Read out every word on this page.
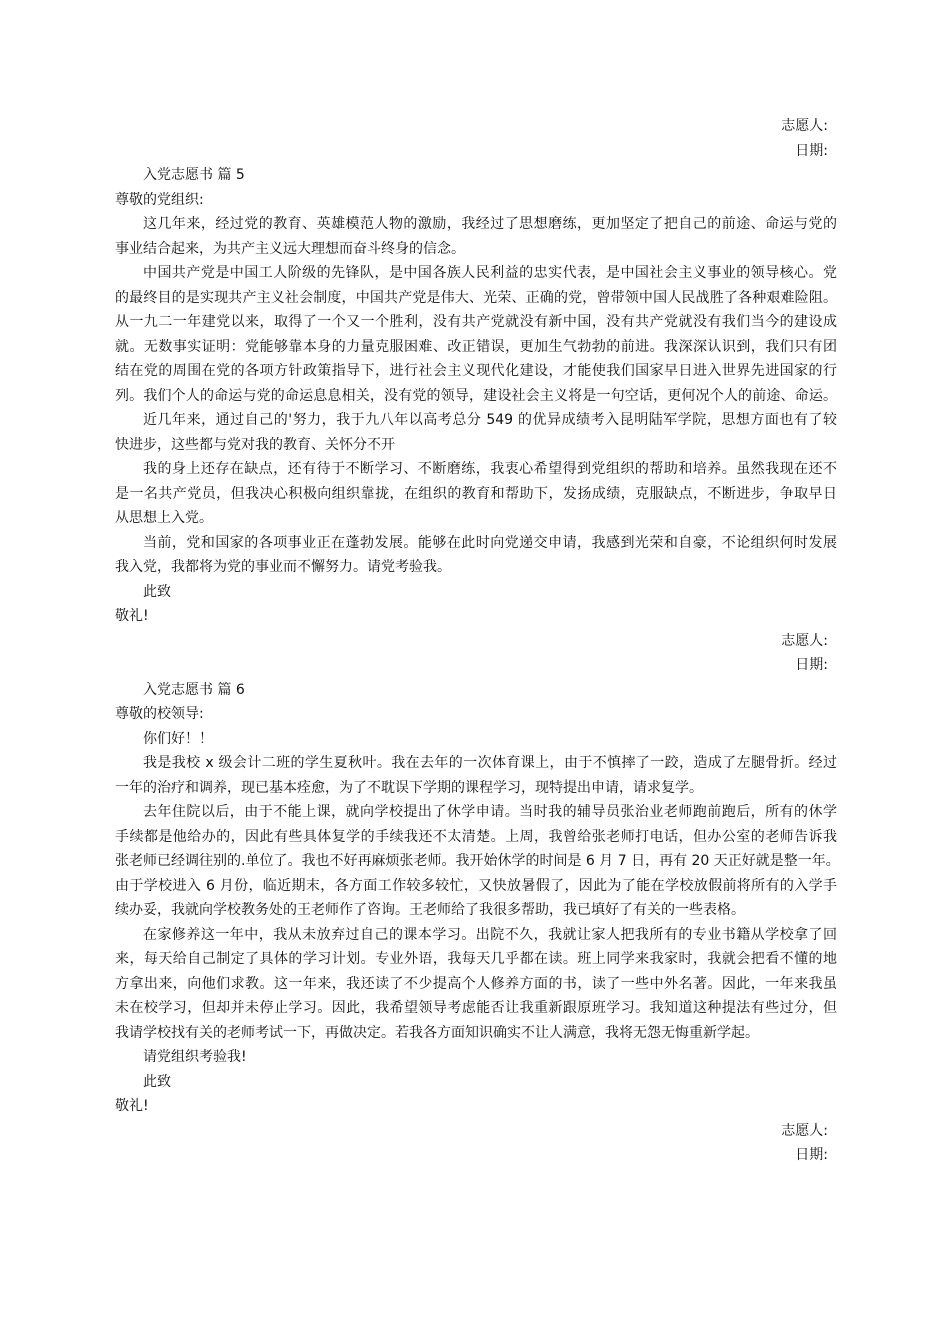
志愿人:
日期:
入党志愿书 篇 5
尊敬的党组织:
这几年来，经过党的教育、英雄模范人物的激励，我经过了思想磨练，更加坚定了把自己的前途、命运与党的
事业结合起来，为共产主义远大理想而奋斗终身的信念。
中国共产党是中国工人阶级的先锋队，是中国各族人民利益的忠实代表，是中国社会主义事业的领导核心。党
的最终目的是实现共产主义社会制度，中国共产党是伟大、光荣、正确的党，曾带领中国人民战胜了各种艰难险阻。
从一九二一年建党以来，取得了一个又一个胜利，没有共产党就没有新中国，没有共产党就没有我们当今的建设成
就。无数事实证明：党能够靠本身的力量克服困难、改正错误，更加生气勃勃的前进。我深深认识到，我们只有团
结在党的周围在党的各项方针政策指导下，进行社会主义现代化建设，才能使我们国家早日进入世界先进国家的行
列。我们个人的命运与党的命运息息相关，没有党的领导，建设社会主义将是一句空话，更何况个人的前途、命运。
近几年来，通过自己的'努力，我于九八年以高考总分 549 的优异成绩考入昆明陆军学院，思想方面也有了较
快进步，这些都与党对我的教育、关怀分不开
我的身上还存在缺点，还有待于不断学习、不断磨练，我衷心希望得到党组织的帮助和培养。虽然我现在还不
是一名共产党员，但我决心积极向组织靠拢，在组织的教育和帮助下，发扬成绩，克服缺点，不断进步，争取早日
从思想上入党。
当前，党和国家的各项事业正在蓬勃发展。能够在此时向党递交申请，我感到光荣和自豪，不论组织何时发展
我入党，我都将为党的事业而不懈努力。请党考验我。
此致
敬礼!
志愿人:
日期:
入党志愿书 篇 6
尊敬的校领导:
你们好！！
我是我校 x 级会计二班的学生夏秋叶。我在去年的一次体育课上，由于不慎摔了一跤，造成了左腿骨折。经过
一年的治疗和调养，现已基本痊愈，为了不耽误下学期的课程学习，现特提出申请，请求复学。
去年住院以后，由于不能上课，就向学校提出了休学申请。当时我的辅导员张治业老师跑前跑后，所有的休学
手续都是他给办的，因此有些具体复学的手续我还不太清楚。上周，我曾给张老师打电话，但办公室的老师告诉我
张老师已经调往别的.单位了。我也不好再麻烦张老师。我开始休学的时间是 6 月 7 日，再有 20 天正好就是整一年。
由于学校进入 6 月份，临近期末，各方面工作较多较忙，又快放暑假了，因此为了能在学校放假前将所有的入学手
续办妥，我就向学校教务处的王老师作了咨询。王老师给了我很多帮助，我已填好了有关的一些表格。
在家修养这一年中，我从未放弃过自己的课本学习。出院不久，我就让家人把我所有的专业书籍从学校拿了回
来，每天给自己制定了具体的学习计划。专业外语，我每天几乎都在读。班上同学来我家时，我就会把看不懂的地
方拿出来，向他们求教。这一年来，我还读了不少提高个人修养方面的书，读了一些中外名著。因此，一年来我虽
未在校学习，但却并未停止学习。因此，我希望领导考虑能否让我重新跟原班学习。我知道这种提法有些过分，但
我请学校找有关的老师考试一下，再做决定。若我各方面知识确实不让人满意，我将无怨无悔重新学起。
请党组织考验我!
此致
敬礼!
志愿人:
日期:
